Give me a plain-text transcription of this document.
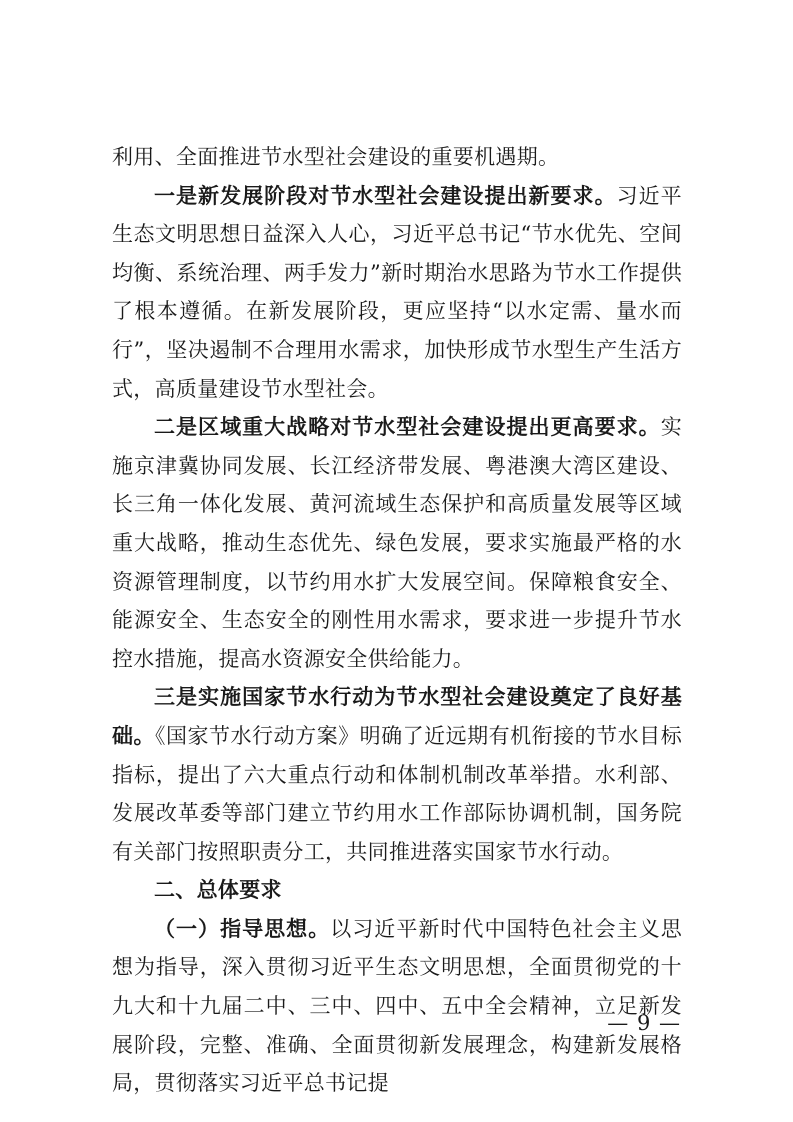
利用、全面推进节水型社会建设的重要机遇期。

一是新发展阶段对节水型社会建设提出新要求。习近平生态文明思想日益深入人心，习近平总书记“节水优先、空间均衡、系统治理、两手发力”新时期治水思路为节水工作提供了根本遵循。在新发展阶段，更应坚持“以水定需、量水而行”，坚决遏制不合理用水需求，加快形成节水型生产生活方式，高质量建设节水型社会。

二是区域重大战略对节水型社会建设提出更高要求。实施京津冀协同发展、长江经济带发展、粤港澳大湾区建设、长三角一体化发展、黄河流域生态保护和高质量发展等区域重大战略，推动生态优先、绿色发展，要求实施最严格的水资源管理制度，以节约用水扩大发展空间。保障粮食安全、能源安全、生态安全的刚性用水需求，要求进一步提升节水控水措施，提高水资源安全供给能力。

三是实施国家节水行动为节水型社会建设奠定了良好基础。《国家节水行动方案》明确了近远期有机衔接的节水目标指标，提出了六大重点行动和体制机制改革举措。水利部、发展改革委等部门建立节约用水工作部际协调机制，国务院有关部门按照职责分工，共同推进落实国家节水行动。

二、总体要求

（一）指导思想。以习近平新时代中国特色社会主义思想为指导，深入贯彻习近平生态文明思想，全面贯彻党的十九大和十九届二中、三中、四中、五中全会精神，立足新发展阶段，完整、准确、全面贯彻新发展理念，构建新发展格局，贯彻落实习近平总书记提

— 9 —
